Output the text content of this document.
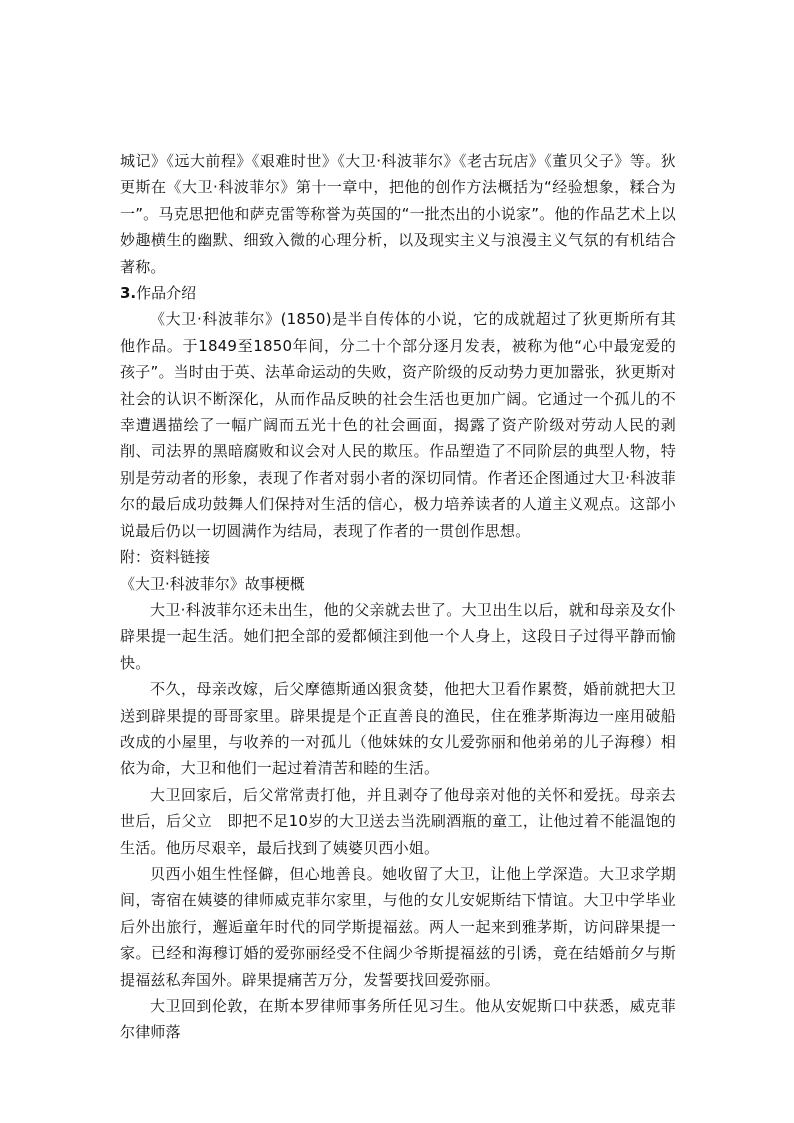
城记》《远大前程》《艰难时世》《大卫·科波菲尔》《老古玩店》《董贝父子》等。狄更斯在《大卫·科波菲尔》第十一章中，把他的创作方法概括为“经验想象，糅合为一”。马克思把他和萨克雷等称誉为英国的“一批杰出的小说家”。他的作品艺术上以妙趣横生的幽默、细致入微的心理分析，以及现实主义与浪漫主义气氛的有机结合著称。

3.作品介绍

《大卫·科波菲尔》(1850)是半自传体的小说，它的成就超过了狄更斯所有其他作品。于1849至1850年间，分二十个部分逐月发表，被称为他“心中最宠爱的孩子”。当时由于英、法革命运动的失败，资产阶级的反动势力更加嚣张，狄更斯对社会的认识不断深化，从而作品反映的社会生活也更加广阔。它通过一个孤儿的不幸遭遇描绘了一幅广阔而五光十色的社会画面，揭露了资产阶级对劳动人民的剥削、司法界的黑暗腐败和议会对人民的欺压。作品塑造了不同阶层的典型人物，特别是劳动者的形象，表现了作者对弱小者的深切同情。作者还企图通过大卫·科波菲尔的最后成功鼓舞人们保持对生活的信心，极力培养读者的人道主义观点。这部小说最后仍以一切圆满作为结局，表现了作者的一贯创作思想。

附：资料链接

《大卫·科波菲尔》故事梗概

大卫·科波菲尔还未出生，他的父亲就去世了。大卫出生以后，就和母亲及女仆辟果提一起生活。她们把全部的爱都倾注到他一个人身上，这段日子过得平静而愉快。

不久，母亲改嫁，后父摩德斯通凶狠贪婪，他把大卫看作累赘，婚前就把大卫送到辟果提的哥哥家里。辟果提是个正直善良的渔民，住在雅茅斯海边一座用破船改成的小屋里，与收养的一对孤儿（他妹妹的女儿爱弥丽和他弟弟的儿子海穆）相依为命，大卫和他们一起过着清苦和睦的生活。

大卫回家后，后父常常责打他，并且剥夺了他母亲对他的关怀和爱抚。母亲去世后，后父立　即把不足10岁的大卫送去当洗刷酒瓶的童工，让他过着不能温饱的生活。他历尽艰辛，最后找到了姨婆贝西小姐。

贝西小姐生性怪僻，但心地善良。她收留了大卫，让他上学深造。大卫求学期间，寄宿在姨婆的律师威克菲尔家里，与他的女儿安妮斯结下情谊。大卫中学毕业后外出旅行，邂逅童年时代的同学斯提福兹。两人一起来到雅茅斯，访问辟果提一家。已经和海穆订婚的爱弥丽经受不住阔少爷斯提福兹的引诱，竟在结婚前夕与斯提福兹私奔国外。辟果提痛苦万分，发誓要找回爱弥丽。

大卫回到伦敦，在斯本罗律师事务所任见习生。他从安妮斯口中获悉，威克菲尔律师落
